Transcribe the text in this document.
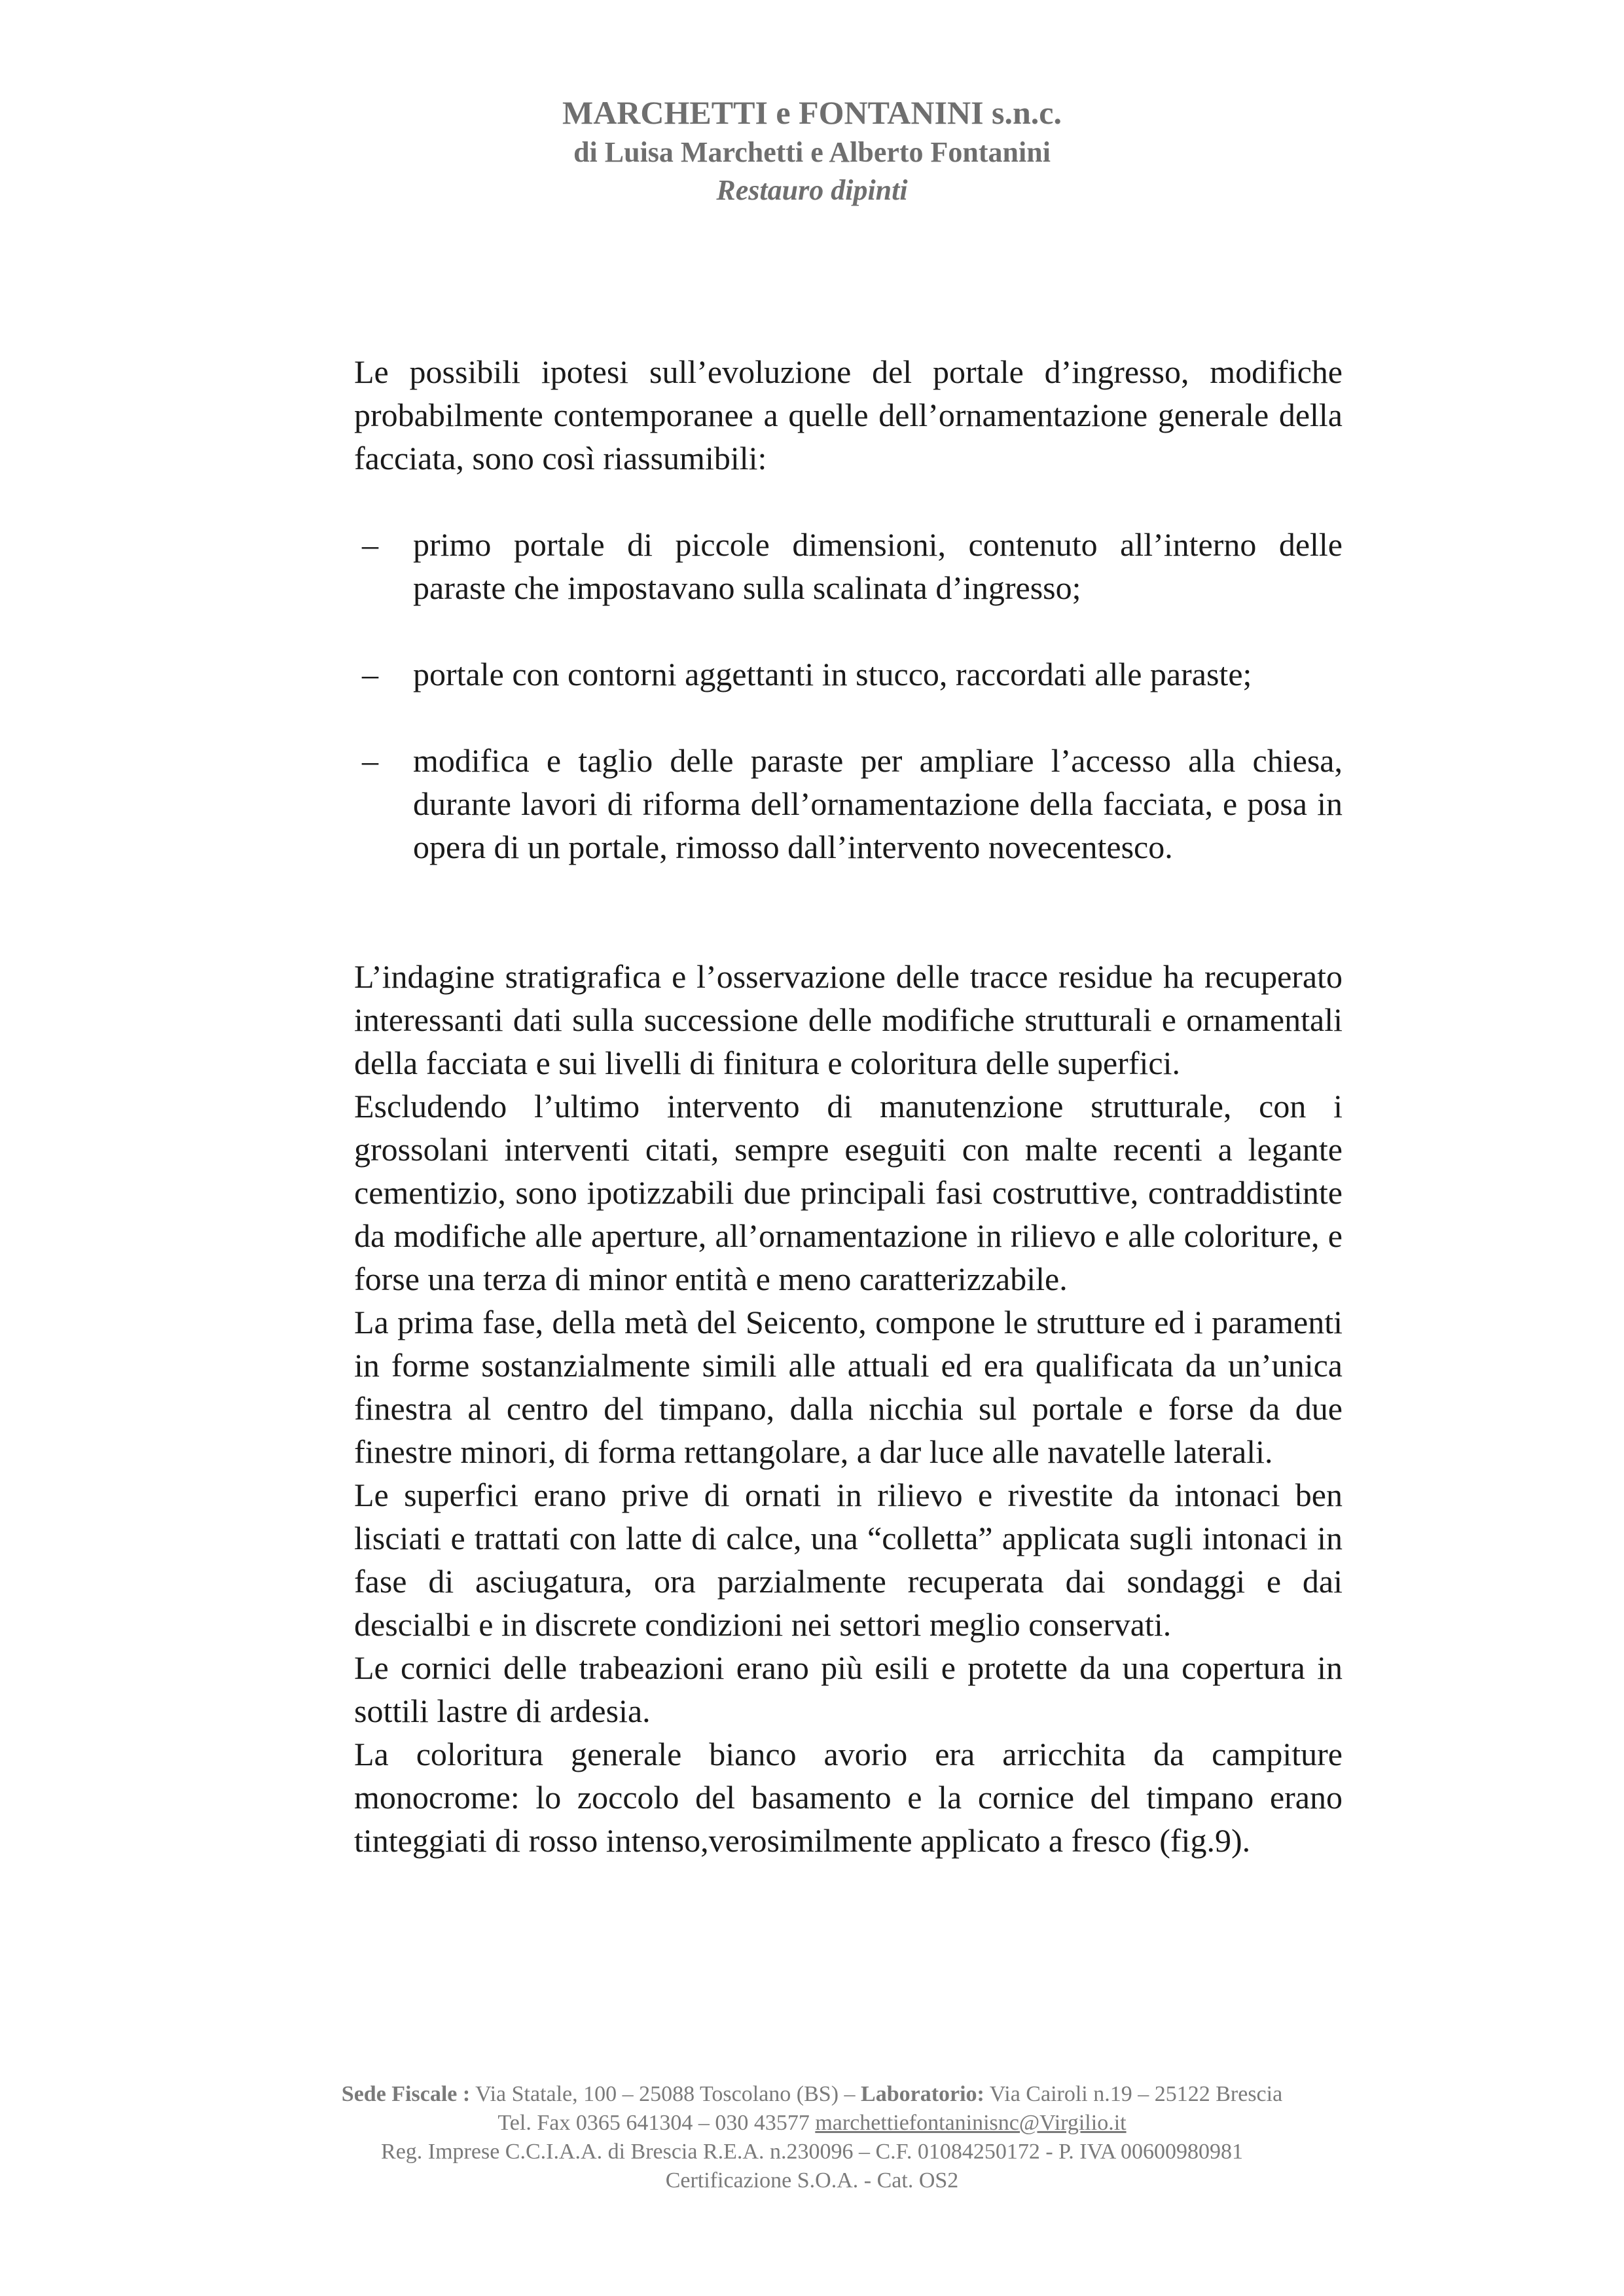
MARCHETTI e FONTANINI s.n.c.
di Luisa Marchetti e Alberto Fontanini
Restauro dipinti

Le possibili ipotesi sull’evoluzione del portale d’ingresso, modifiche probabilmente contemporanee a quelle dell’ornamentazione generale della facciata, sono così riassumibili:

– primo portale di piccole dimensioni, contenuto all’interno delle paraste che impostavano sulla scalinata d’ingresso;
– portale con contorni aggettanti in stucco, raccordati alle paraste;
– modifica e taglio delle paraste per ampliare l’accesso alla chiesa, durante lavori di riforma dell’ornamentazione della facciata, e posa in opera di un portale, rimosso dall’intervento novecentesco.

L’indagine stratigrafica e l’osservazione delle tracce residue ha recuperato interessanti dati sulla successione delle modifiche strutturali e ornamentali della facciata e sui livelli di finitura e coloritura delle superfici.

Escludendo l’ultimo intervento di manutenzione strutturale, con i grossolani interventi citati, sempre eseguiti con malte recenti a legante cementizio, sono ipotizzabili due principali fasi costruttive, contraddistinte da modifiche alle aperture, all’ornamentazione in rilievo e alle coloriture, e forse una terza di minor entità e meno caratterizzabile.

La prima fase, della metà del Seicento, compone le strutture ed i paramenti in forme sostanzialmente simili alle attuali ed era qualificata da un’unica finestra al centro del timpano, dalla nicchia sul portale e forse da due finestre minori, di forma rettangolare, a dar luce alle navatelle laterali.

Le superfici erano prive di ornati in rilievo e rivestite da intonaci ben lisciati e trattati con latte di calce, una “colletta” applicata sugli intonaci in fase di asciugatura, ora parzialmente recuperata dai sondaggi e dai descialbi e in discrete condizioni nei settori meglio conservati.

Le cornici delle trabeazioni erano più esili e protette da una copertura in sottili lastre di ardesia.

La coloritura generale bianco avorio era arricchita da campiture monocrome: lo zoccolo del basamento e la cornice del timpano erano tinteggiati di rosso intenso,verosimilmente applicato a fresco (fig.9).

Sede Fiscale : Via Statale, 100 – 25088 Toscolano (BS) – Laboratorio: Via Cairoli n.19 – 25122 Brescia
Tel. Fax 0365 641304 – 030 43577 marchettiefontaninisnc@Virgilio.it
Reg. Imprese C.C.I.A.A. di Brescia R.E.A. n.230096 – C.F. 01084250172 - P. IVA 00600980981
Certificazione S.O.A. - Cat. OS2
